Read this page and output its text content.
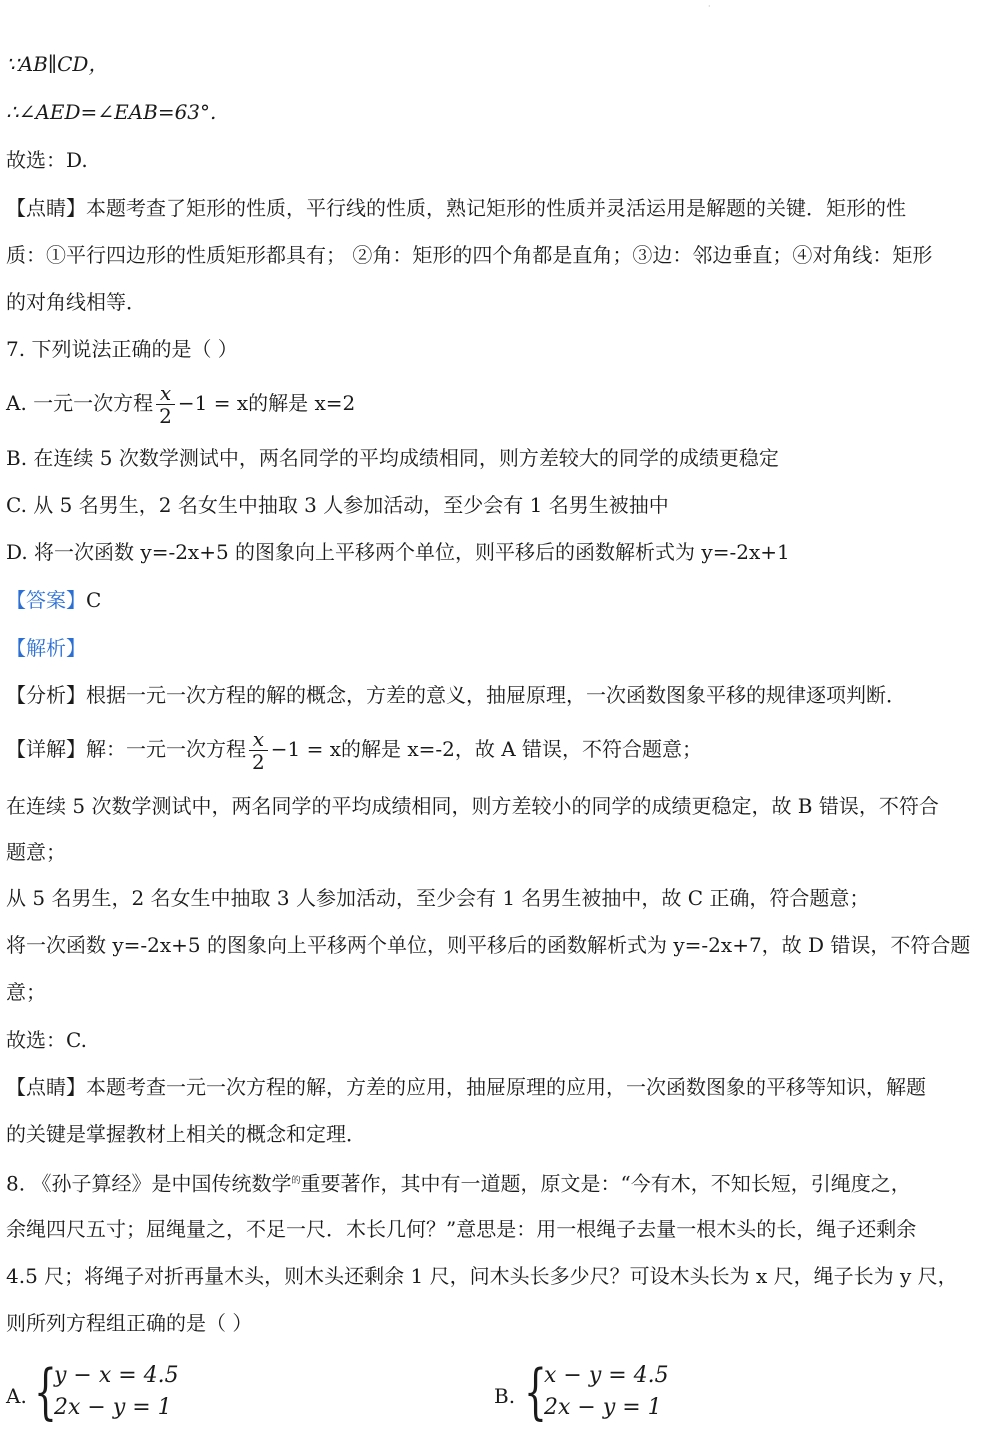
·
∵AB∥CD，
∴∠AED=∠EAB=63°.
故选：D.
【点睛】本题考查了矩形的性质，平行线的性质，熟记矩形的性质并灵活运用是解题的关键．矩形的性
质：①平行四边形的性质矩形都具有； ②角：矩形的四个角都是直角；③边：邻边垂直；④对角线：矩形
的对角线相等．
7. 下列说法正确的是（ ）
A. 一元一次方程 $\frac{x}{2} -1 = x$的解是 x=2
B. 在连续 5 次数学测试中，两名同学的平均成绩相同，则方差较大的同学的成绩更稳定
C. 从 5 名男生，2 名女生中抽取 3 人参加活动，至少会有 1 名男生被抽中
D. 将一次函数 y=-2x+5 的图象向上平移两个单位，则平移后的函数解析式为 y=-2x+1
【答案】C
【解析】
【分析】根据一元一次方程的解的概念，方差的意义，抽屉原理，一次函数图象平移的规律逐项判断．
【详解】解：一元一次方程 $\frac{x}{2} -1 = x$的解是 x=-2，故 A 错误，不符合题意；
在连续 5 次数学测试中，两名同学的平均成绩相同，则方差较小的同学的成绩更稳定，故 B 错误，不符合
题意；
从 5 名男生，2 名女生中抽取 3 人参加活动，至少会有 1 名男生被抽中，故 C 正确，符合题意；
将一次函数 y=-2x+5 的图象向上平移两个单位，则平移后的函数解析式为 y=-2x+7，故 D 错误，不符合题
意；
故选：C.
【点睛】本题考查一元一次方程的解，方差的应用，抽屉原理的应用，一次函数图象的平移等知识，解题
的关键是掌握教材上相关的概念和定理．
8. 《孙子算经》是中国传统数学$^的$重要著作，其中有一道题，原文是：“今有木，不知长短，引绳度之，
余绳四尺五寸；屈绳量之，不足一尺．木长几何？”意思是：用一根绳子去量一根木头的长，绳子还剩余
4.5 尺；将绳子对折再量木头，则木头还剩余 1 尺，问木头长多少尺？可设木头长为 x 尺，绳子长为 y 尺，
则所列方程组正确的是（ ）
A. {
y − x = 4.5
2x − y = 1	B. {
x − y = 4.5
2x − y = 1
